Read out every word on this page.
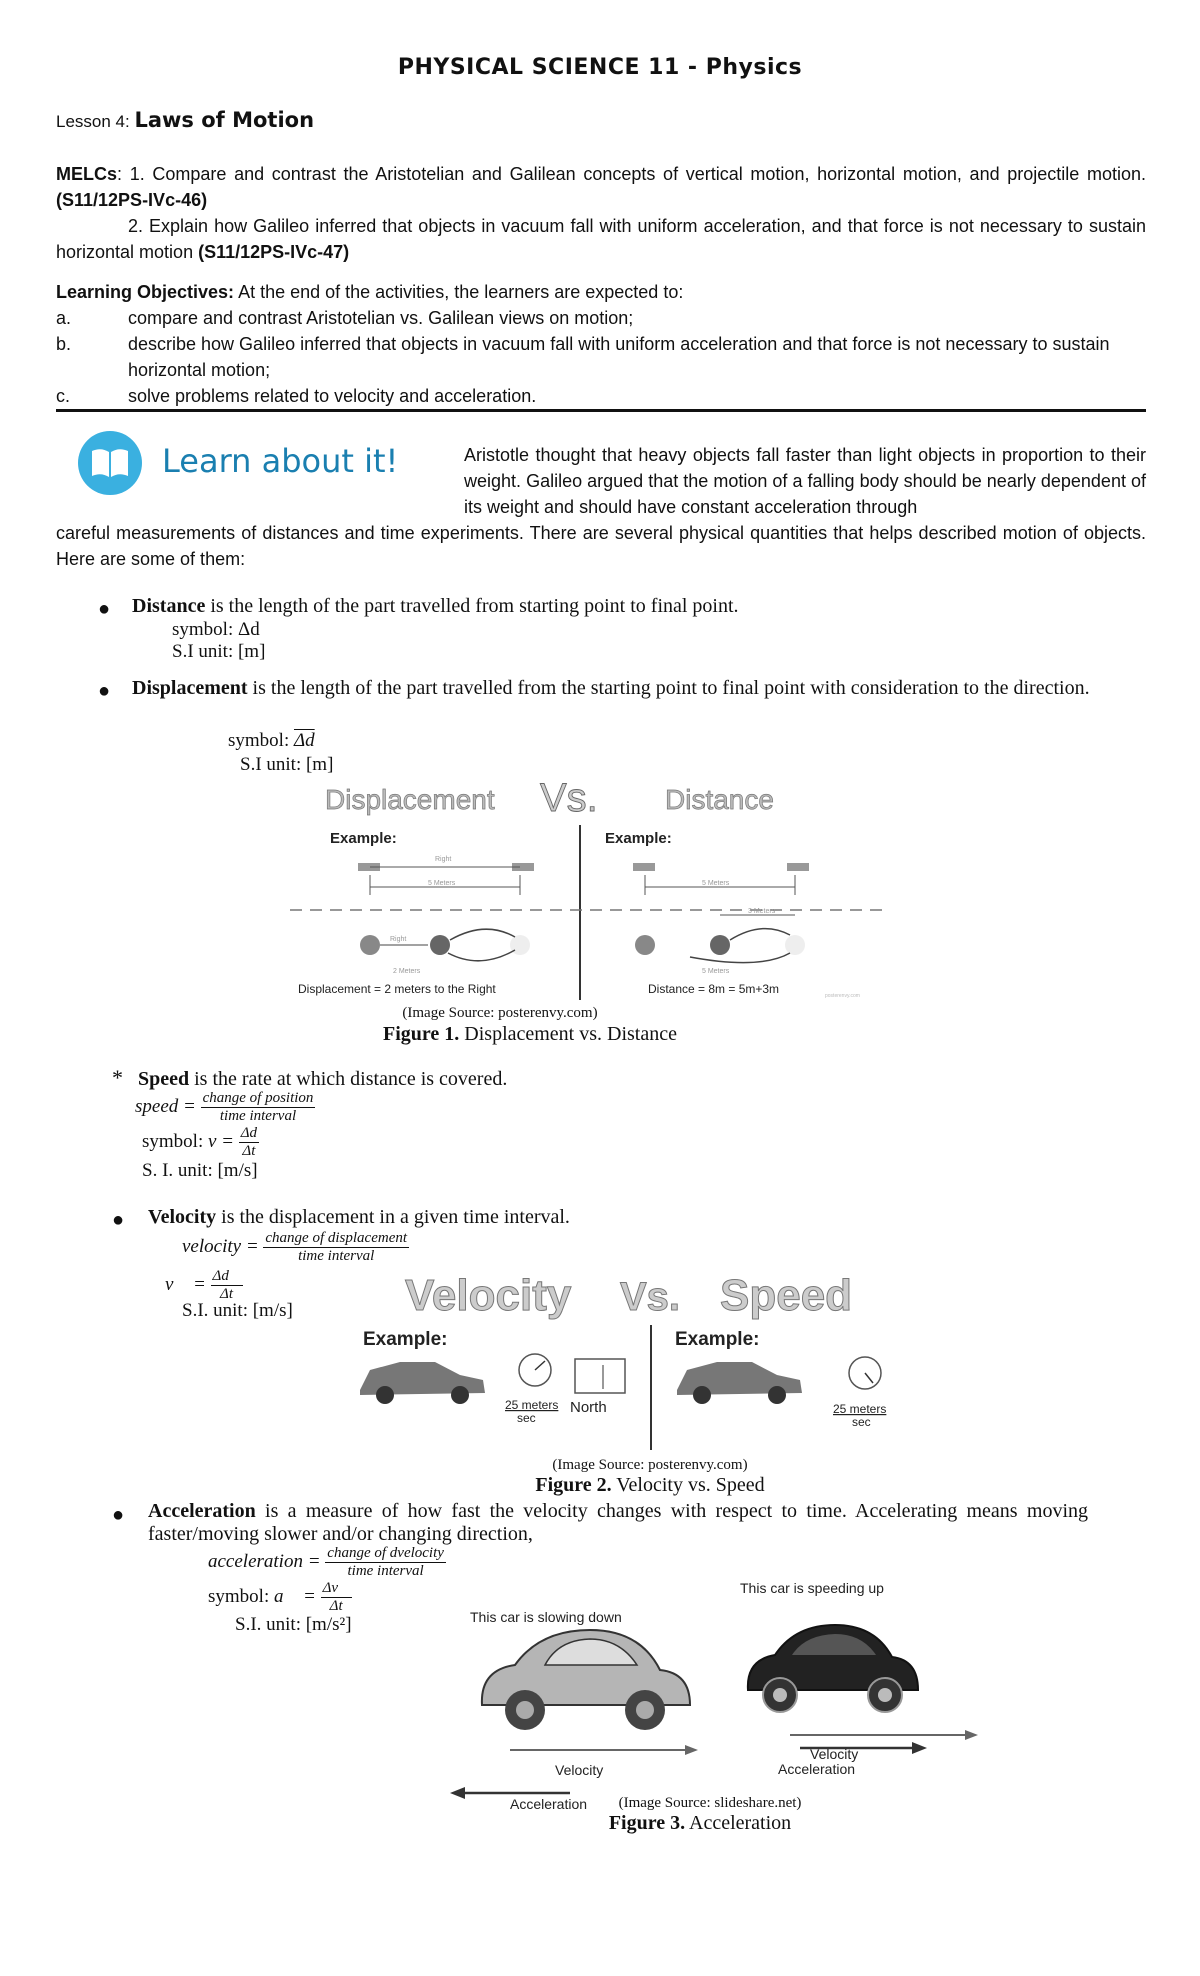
PHYSICAL SCIENCE 11 - Physics
Lesson 4: Laws of Motion
MELCs: 1. Compare and contrast the Aristotelian and Galilean concepts of vertical motion, horizontal motion, and projectile motion. (S11/12PS-IVc-46)
2. Explain how Galileo inferred that objects in vacuum fall with uniform acceleration, and that force is not necessary to sustain horizontal motion (S11/12PS-IVc-47)
Learning Objectives: At the end of the activities, the learners are expected to:
a.	compare and contrast Aristotelian vs. Galilean views on motion;
b.	describe how Galileo inferred that objects in vacuum fall with uniform acceleration and that force is not necessary to sustain horizontal motion;
c.	solve problems related to velocity and acceleration.
Learn about it!	Aristotle thought that heavy objects fall faster than light objects in proportion to their weight. Galileo argued that the motion of a falling body should be nearly dependent of its weight and should have constant acceleration through
careful measurements of distances and time experiments. There are several physical quantities that helps described motion of objects. Here are some of them:
● Distance is the length of the part travelled from starting point to final point.
symbol: Δd
S.I unit: [m]
● Displacement is the length of the part travelled from the starting point to final point with consideration to the direction.
symbol: $\overline{\Delta d}$
S.I unit: [m]
Displacement Vs. Distance
Example:	Example:
Right
5 Meters
Right
2 Meters
Displacement = 2 meters to the Right
5 Meters
3 Meters
5 Meters
Distance = 8m = 5m+3m	posterenvy.com
(Image Source: posterenvy.com)
Figure 1. Displacement vs. Distance
* Speed is the rate at which distance is covered.
speed = $\frac{\text{change of position}}{\text{time interval}}$
symbol: $v = \frac{\Delta d}{\Delta t}$
S. I. unit: [m/s]
● Velocity is the displacement in a given time interval.
velocity = $\frac{\text{change of displacement}}{\text{time interval}}$
v⃗ = $\frac{\Delta d⃗}{\Delta t}$
S.I. unit: [m/s]	Velocity Vs. Speed
Example:	Example:
25 meters
sec
North	25 meters
sec
(Image Source: posterenvy.com)
Figure 2. Velocity vs. Speed
● Acceleration is a measure of how fast the velocity changes with respect to time. Accelerating means moving faster/moving slower and/or changing direction,
acceleration = $\frac{\text{change of dvelocity}}{\text{time interval}}$
symbol: a⃗ = $\frac{\Delta v⃗}{\Delta t}$
S.I. unit: [m/s²]
This car is speeding up
This car is slowing down
Velocity
Velocity
Acceleration
Acceleration	(Image Source: slideshare.net)
Figure 3. Acceleration
